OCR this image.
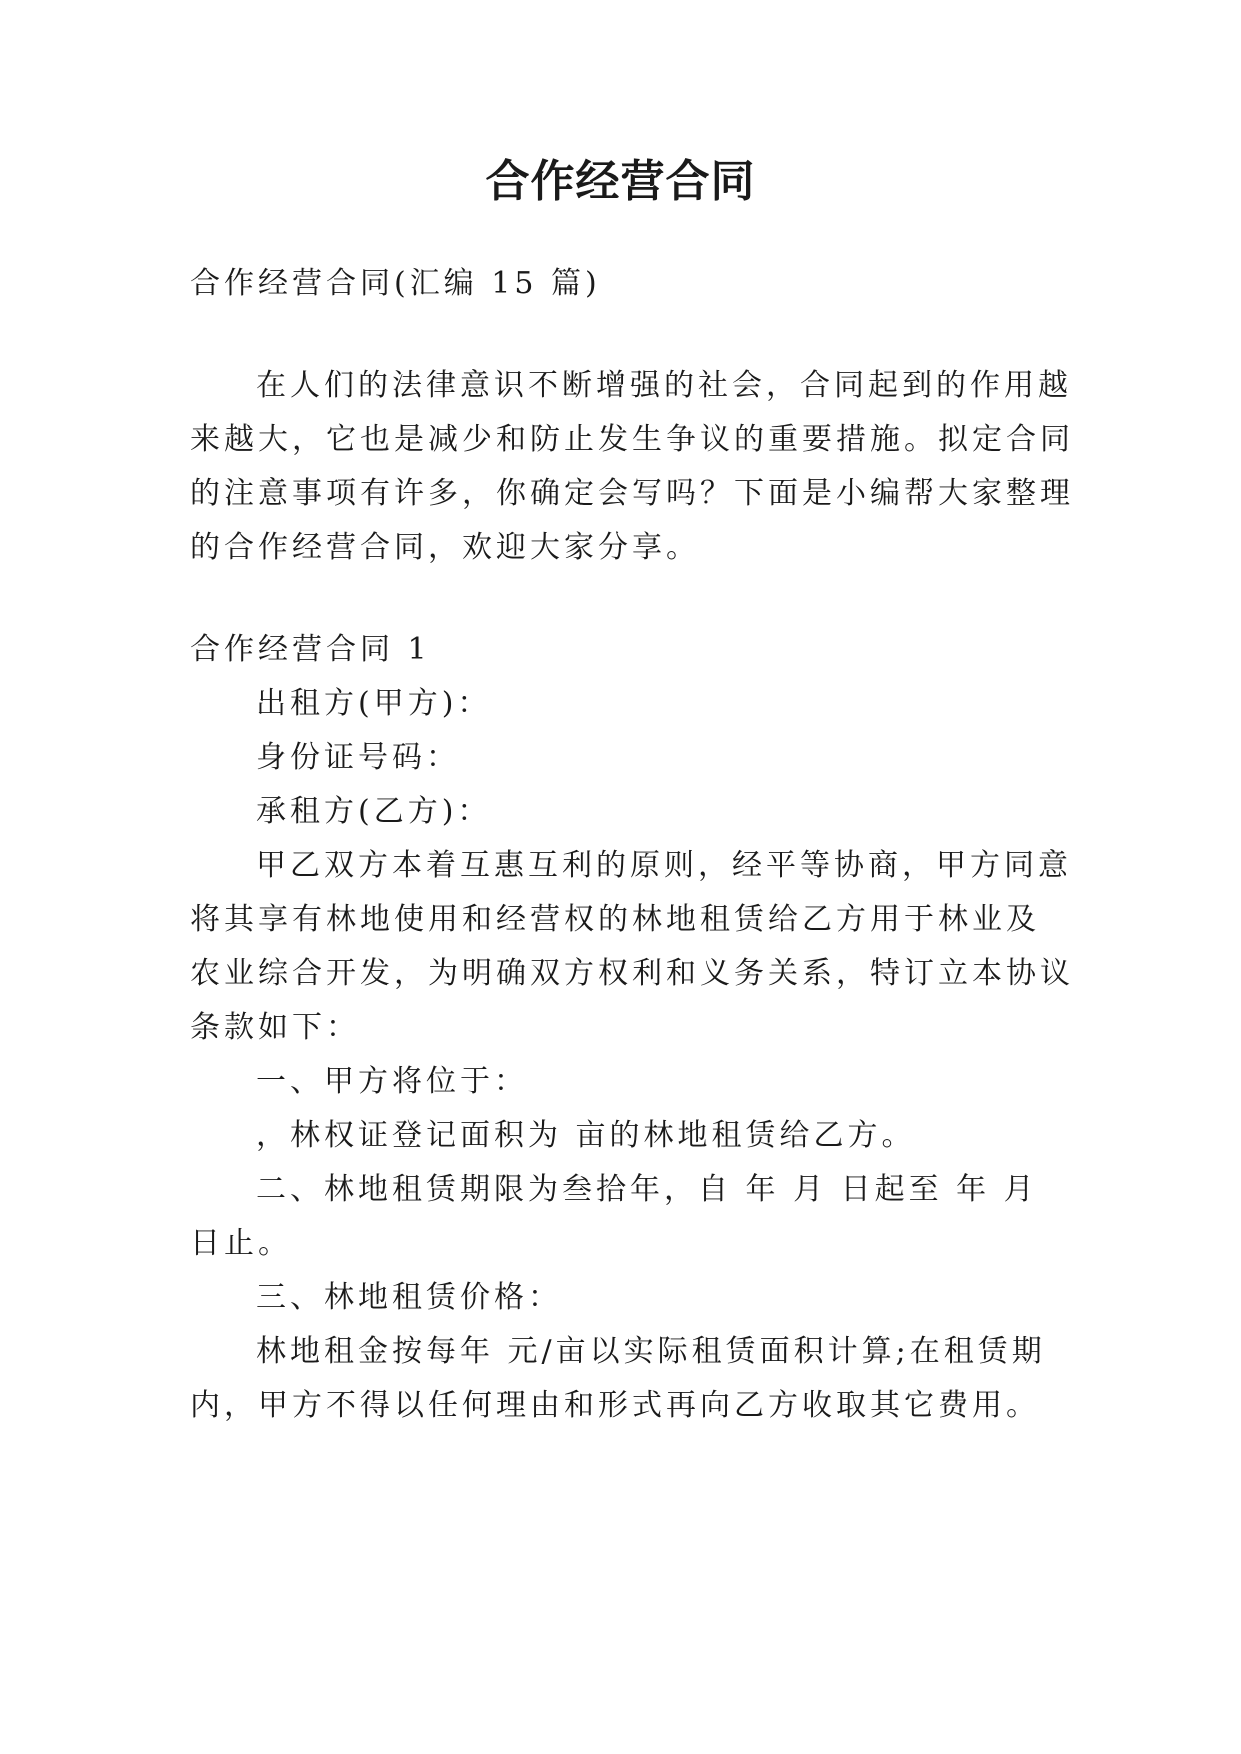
合作经营合同
合作经营合同(汇编 15 篇)
在人们的法律意识不断增强的社会，合同起到的作用越
来越大，它也是减少和防止发生争议的重要措施。拟定合同
的注意事项有许多，你确定会写吗？下面是小编帮大家整理
的合作经营合同，欢迎大家分享。
合作经营合同 1
出租方(甲方)：
身份证号码：
承租方(乙方)：
甲乙双方本着互惠互利的原则，经平等协商，甲方同意
将其享有林地使用和经营权的林地租赁给乙方用于林业及
农业综合开发，为明确双方权利和义务关系，特订立本协议
条款如下：
一、甲方将位于：
，林权证登记面积为 亩的林地租赁给乙方。
二、林地租赁期限为叁拾年，自 年 月 日起至 年 月
日止。
三、林地租赁价格：
林地租金按每年 元/亩以实际租赁面积计算;在租赁期
内，甲方不得以任何理由和形式再向乙方收取其它费用。
